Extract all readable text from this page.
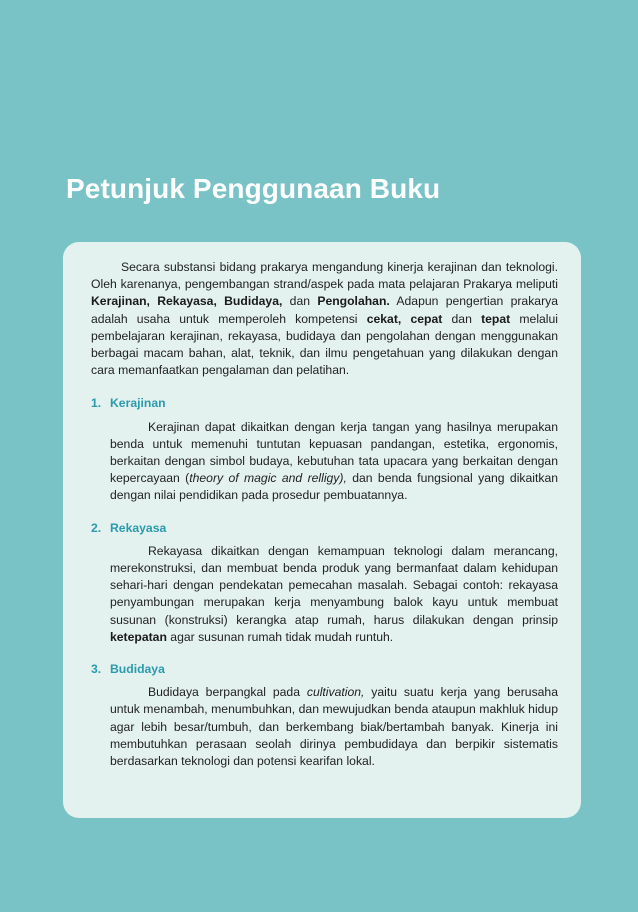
Petunjuk Penggunaan Buku

Secara substansi bidang prakarya mengandung kinerja kerajinan dan teknologi. Oleh karenanya, pengembangan strand/aspek pada mata pelajaran Prakarya meliputi Kerajinan, Rekayasa, Budidaya, dan Pengolahan. Adapun pengertian prakarya adalah usaha untuk memperoleh kompetensi cekat, cepat dan tepat melalui pembelajaran kerajinan, rekayasa, budidaya dan pengolahan dengan menggunakan berbagai macam bahan, alat, teknik, dan ilmu pengetahuan yang dilakukan dengan cara memanfaatkan pengalaman dan pelatihan.

1. Kerajinan

Kerajinan dapat dikaitkan dengan kerja tangan yang hasilnya merupakan benda untuk memenuhi tuntutan kepuasan pandangan, estetika, ergonomis, berkaitan dengan simbol budaya, kebutuhan tata upacara yang berkaitan dengan kepercayaan (theory of magic and relligy), dan benda fungsional yang dikaitkan dengan nilai pendidikan pada prosedur pembuatannya.

2. Rekayasa

Rekayasa dikaitkan dengan kemampuan teknologi dalam merancang, merekonstruksi, dan membuat benda produk yang bermanfaat dalam kehidupan sehari-hari dengan pendekatan pemecahan masalah. Sebagai contoh: rekayasa penyambungan merupakan kerja menyambung balok kayu untuk membuat susunan (konstruksi) kerangka atap rumah, harus dilakukan dengan prinsip ketepatan agar susunan rumah tidak mudah runtuh.

3. Budidaya

Budidaya berpangkal pada cultivation, yaitu suatu kerja yang berusaha untuk menambah, menumbuhkan, dan mewujudkan benda ataupun makhluk hidup agar lebih besar/tumbuh, dan berkembang biak/bertambah banyak. Kinerja ini membutuhkan perasaan seolah dirinya pembudidaya dan berpikir sistematis berdasarkan teknologi dan potensi kearifan lokal.
